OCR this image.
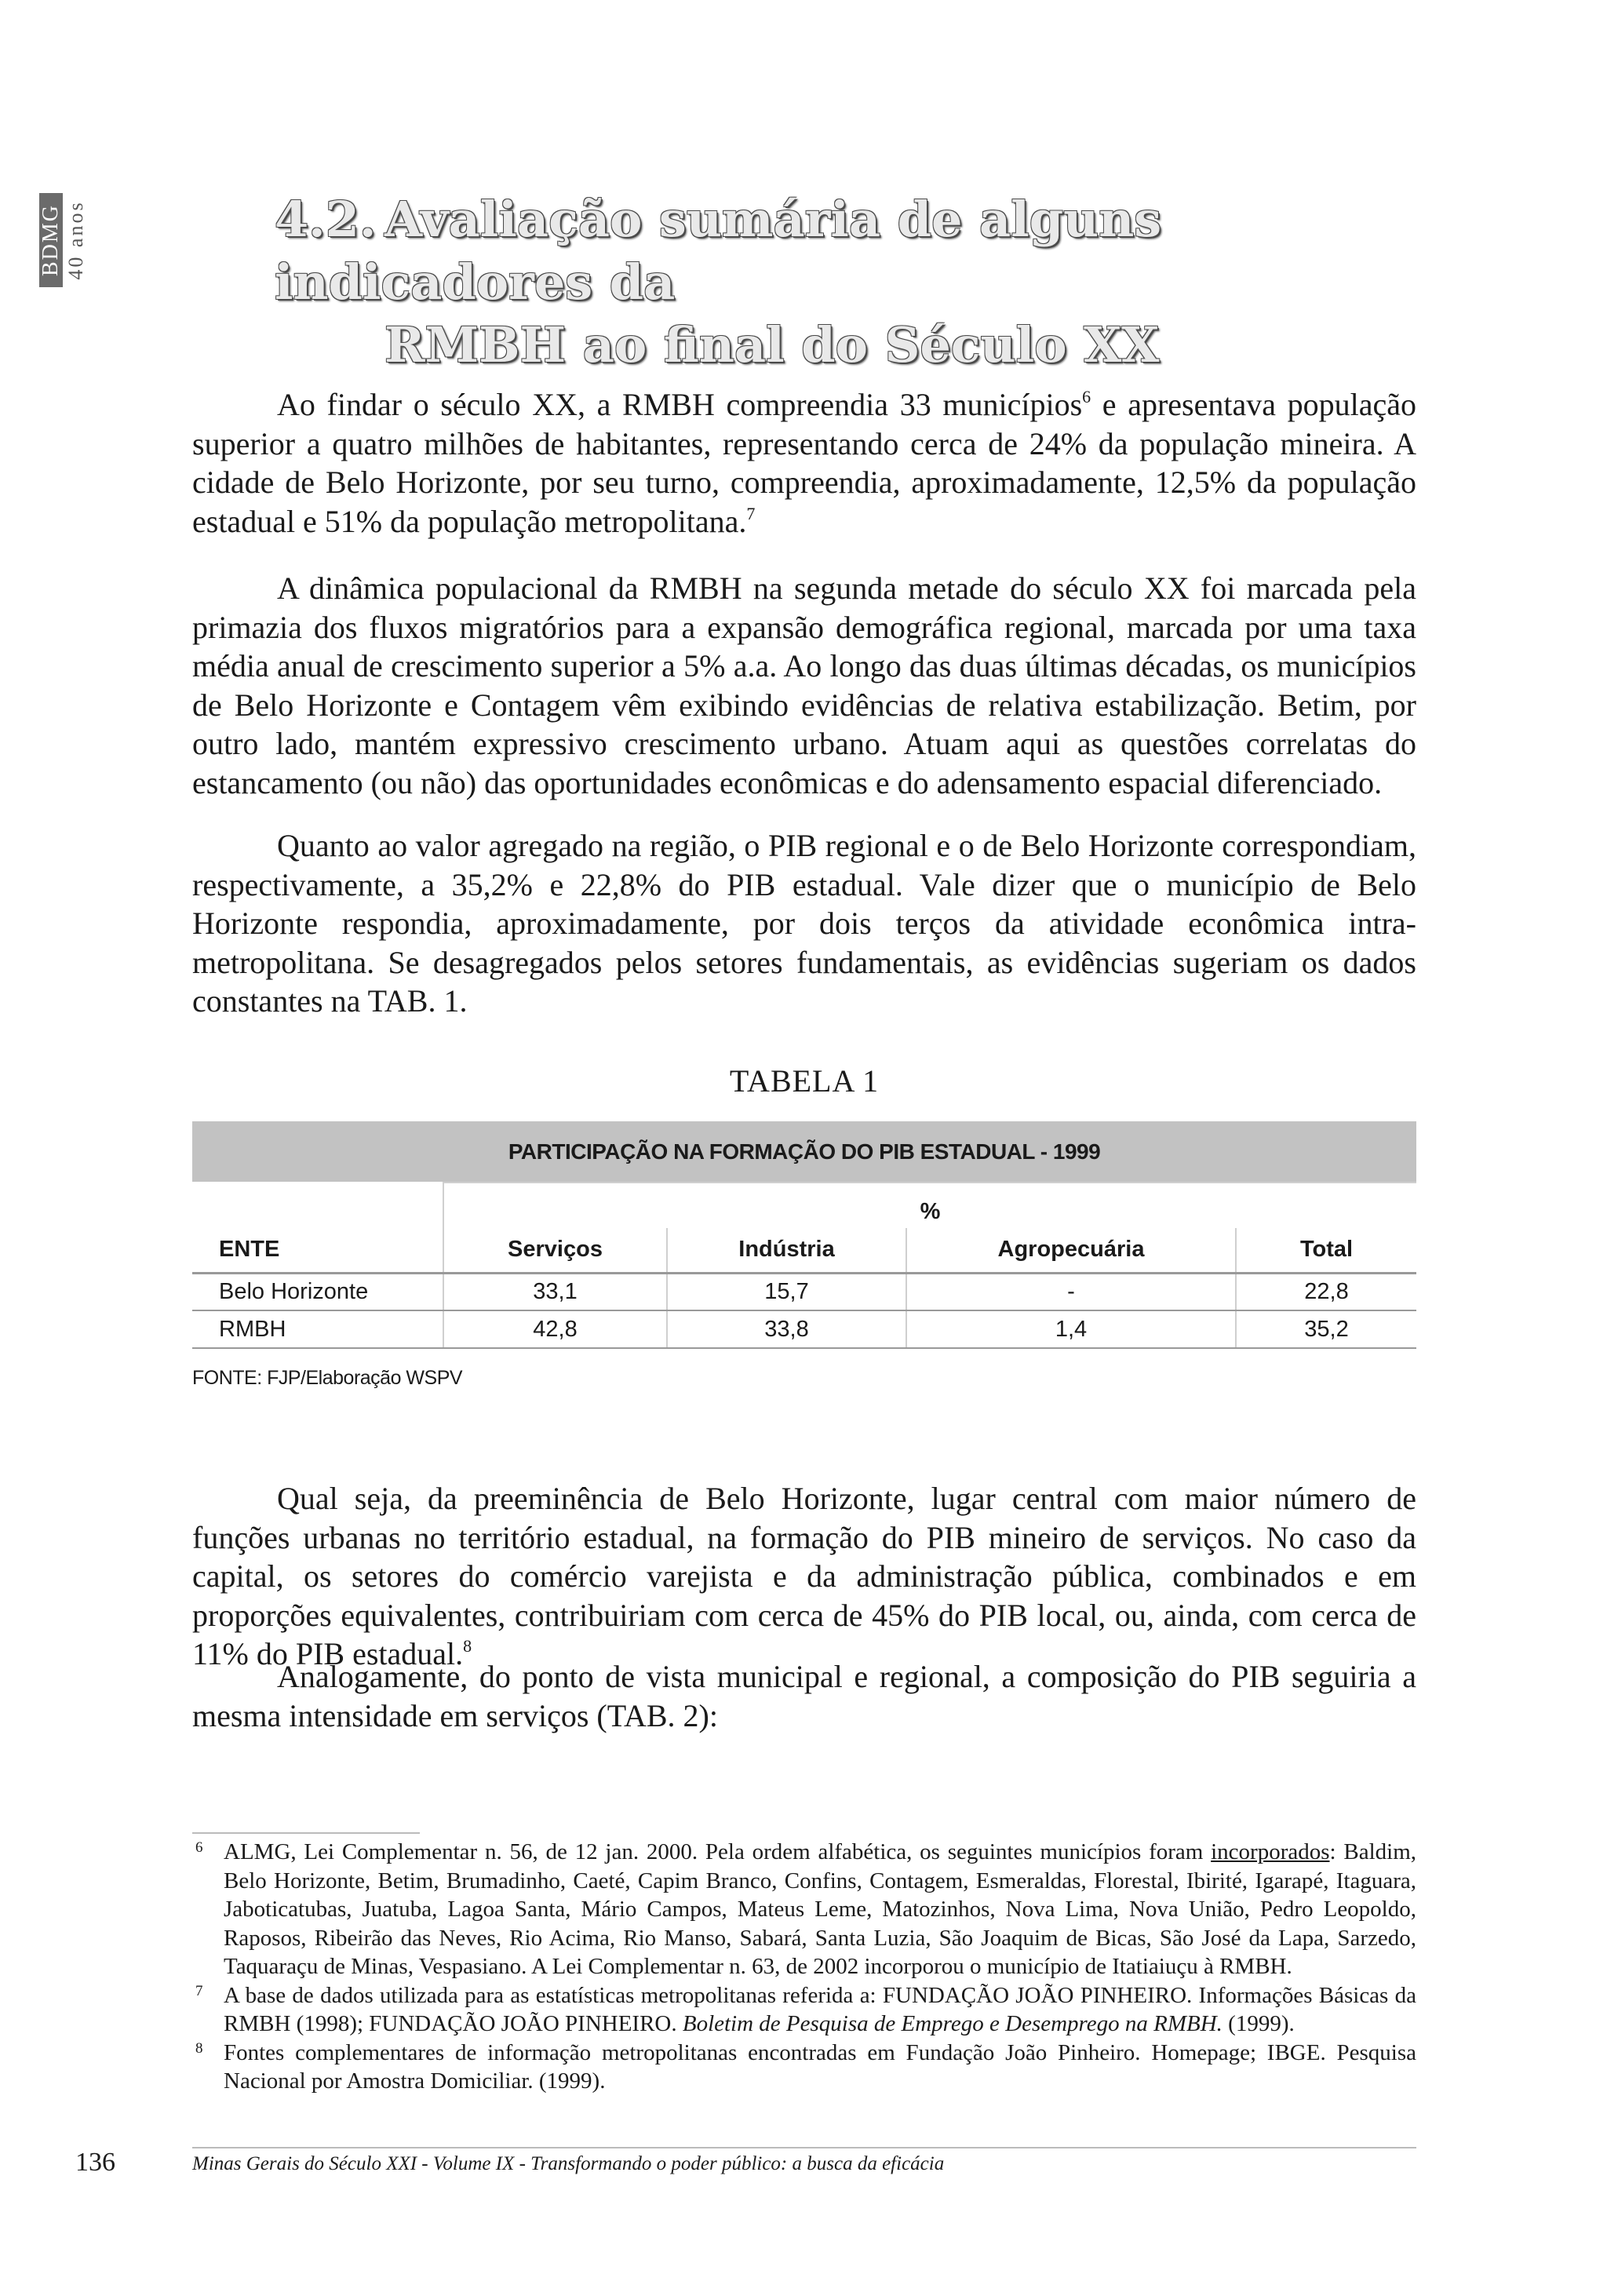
BDMG 40 anos	4.2. Avaliação sumária de alguns indicadores da
RMBH ao final do Século XX

Ao findar o século XX, a RMBH compreendia 33 municípios$^6$ e apresentava população superior a quatro milhões de habitantes, representando cerca de 24% da população mineira. A cidade de Belo Horizonte, por seu turno, compreendia, aproximadamente, 12,5% da população estadual e 51% da população metropolitana.$^7$

A dinâmica populacional da RMBH na segunda metade do século XX foi marcada pela primazia dos fluxos migratórios para a expansão demográfica regional, marcada por uma taxa média anual de crescimento superior a 5% a.a. Ao longo das duas últimas décadas, os municípios de Belo Horizonte e Contagem vêm exibindo evidências de relativa estabilização. Betim, por outro lado, mantém expressivo crescimento urbano. Atuam aqui as questões correlatas do estancamento (ou não) das oportunidades econômicas e do adensamento espacial diferenciado.

Quanto ao valor agregado na região, o PIB regional e o de Belo Horizonte correspondiam, respectivamente, a 35,2% e 22,8% do PIB estadual. Vale dizer que o município de Belo Horizonte respondia, aproximadamente, por dois terços da atividade econômica intra-metropolitana. Se desagregados pelos setores fundamentais, as evidências sugeriam os dados constantes na TAB. 1.

TABELA 1
PARTICIPAÇÃO NA FORMAÇÃO DO PIB ESTADUAL - 1999
	%			
ENTE	Serviços	Indústria	Agropecuária	Total
Belo Horizonte	33,1	15,7	-	22,8
RMBH	42,8	33,8	1,4	35,2
FONTE: FJP/Elaboração WSPV

Qual seja, da preeminência de Belo Horizonte, lugar central com maior número de funções urbanas no território estadual, na formação do PIB mineiro de serviços. No caso da capital, os setores do comércio varejista e da administração pública, combinados e em proporções equivalentes, contribuiriam com cerca de 45% do PIB local, ou, ainda, com cerca de 11% do PIB estadual.$^8$

Analogamente, do ponto de vista municipal e regional, a composição do PIB seguiria a mesma intensidade em serviços (TAB. 2):

6 ALMG, Lei Complementar n. 56, de 12 jan. 2000. Pela ordem alfabética, os seguintes municípios foram incorporados: Baldim, Belo Horizonte, Betim, Brumadinho, Caeté, Capim Branco, Confins, Contagem, Esmeraldas, Florestal, Ibirité, Igarapé, Itaguara, Jaboticatubas, Juatuba, Lagoa Santa, Mário Campos, Mateus Leme, Matozinhos, Nova Lima, Nova União, Pedro Leopoldo, Raposos, Ribeirão das Neves, Rio Acima, Rio Manso, Sabará, Santa Luzia, São Joaquim de Bicas, São José da Lapa, Sarzedo, Taquaraçu de Minas, Vespasiano. A Lei Complementar n. 63, de 2002 incorporou o município de Itatiaiuçu à RMBH.
7 A base de dados utilizada para as estatísticas metropolitanas referida a: FUNDAÇÃO JOÃO PINHEIRO. Informações Básicas da RMBH (1998); FUNDAÇÃO JOÃO PINHEIRO. Boletim de Pesquisa de Emprego e Desemprego na RMBH. (1999).
8 Fontes complementares de informação metropolitanas encontradas em Fundação João Pinheiro. Homepage; IBGE. Pesquisa Nacional por Amostra Domiciliar. (1999).
136	Minas Gerais do Século XXI - Volume IX - Transformando o poder público: a busca da eficácia
